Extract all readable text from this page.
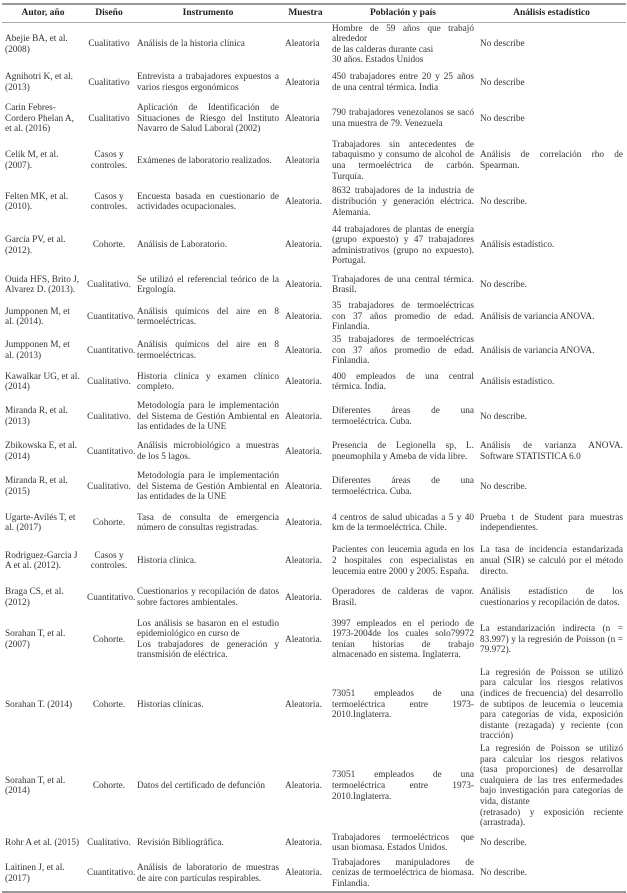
Autor, año	Diseño	Instrumento	Muestra	Población y país	Análisis estadístico
Abejie BA, et al. (2008)	Cualitativo	Análisis de la historia clínica	Aleatoria	Hombre de 59 años que trabajó alrededor
de las calderas durante casi
30 años. Estados Unidos	No describe
Agnihotri K, et al. (2013)	Cualitativo	Entrevista a trabajadores expuestos a varios riesgos ergonómicos	Aleatoria	450 trabajadores entre 20 y 25 años de una central térmica. India	No describe
Carin Febres-Cordero Phelan A, et al. (2016)	Cualitativo	Aplicación de Identificación de Situaciones de Riesgo del Instituto Navarro de Salud Laboral (2002)	Aleatoria	790 trabajadores venezolanos se sacó una muestra de 79. Venezuela	No describe
Celik M, et al. (2007).	Casos y controles.	Exámenes de laboratorio realizados.	Aleatoria	Trabajadores sin antecedentes de tabaquismo y consumo de alcohol de una termoeléctrica de carbón. Turquía.	Análisis de correlación rho de Spearman.
Felten MK, et al. (2010).	Casos y controles.	Encuesta basada en cuestionario de actividades ocupacionales.	Aleatoria.	8632 trabajadores de la industria de distribución y generación eléctrica. Alemania.	No describe.
García PV, et al. (2012).	Cohorte.	Análisis de Laboratorio.	Aleatoria.	44 trabajadores de plantas de energía (grupo expuesto) y 47 trabajadores administrativos (grupo no expuesto). Portugal.	Análisis estadístico.
Ouida HFS, Brito J, Alvarez D. (2013).	Cualitativo.	Se utilizó el referencial teórico de la Ergología.	Aleatoria.	Trabajadores de una central térmica. Brasil.	No describe.
Jumpponen M, et al. (2014).	Cuantitativo.	Análisis químicos del aire en 8 termoeléctricas.	Aleatoria.	35 trabajadores de termoeléctricas con 37 años promedio de edad. Finlandia.	Análisis de variancia ANOVA.
Jumpponen M, et al. (2013)	Cuantitativo.	Análisis químicos del aire en 8 termoeléctricas.	Aleatoria.	35 trabajadores de termoeléctricas con 37 años promedio de edad. Finlandia.	Análisis de variancia ANOVA.
Kawalkar UG, et al. (2014)	Cualitativo.	Historia clínica y examen clínico completo.	Aleatoria.	400 empleados de una central térmica. India.	Análisis estadístico.
Miranda R, et al. (2013)	Cualitativo.	Metodología para le implementación del Sistema de Gestión Ambiental en las entidades de la UNE	Aleatoria.	Diferentes áreas de una termoeléctrica. Cuba.	No describe.
Zbikowska E, et al. (2014)	Cuantitativo.	Análisis microbiológico a muestras de los 5 lagos.	Aleatoria.	Presencia de Legionella sp, L. pneumophila y Ameba de vida libre.	Análisis de varianza ANOVA. Software STATISTICA 6.0
Miranda R, et al. (2015)	Cualitativo.	Metodología para le implementación del Sistema de Gestión Ambiental en las entidades de la UNE	Aleatoria.	Diferentes áreas de una termoeléctrica. Cuba.	No describe.
Ugarte-Avilés T, et al. (2017)	Cohorte.	Tasa de consulta de emergencia número de consultas registradas.	Aleatoria.	4 centros de salud ubicadas a 5 y 40 km de la termoeléctrica. Chile.	Prueba t de Student para muestras independientes.
Rodriguez-Garcia J A et al. (2012).	Casos y controles.	Historia clínica.	Aleatoria.	Pacientes con leucemia aguda en los 2 hospitales con especialistas en leucemia entre 2000 y 2005. España.	La tasa de incidencia estandarizada anual (SIR) se calculó por el método directo.
Braga CS, et al. (2012)	Cuantitativo.	Cuestionarios y recopilación de datos sobre factores ambientales.	Aleatoria.	Operadores de calderas de vapor. Brasil.	Análisis estadístico de los cuestionarios y recopilación de datos.
Sorahan T, et al. (2007)	Cohorte.	Los análisis se basaron en el estudio epidemiológico en curso de
Los trabajadores de generación y transmisión de eléctrica.	Aleatoria.	3997 empleados en el periodo de 1973-2004de los cuales solo79972 tenían historias de trabajo almacenado en sistema. Inglaterra.	La estandarización indirecta (n = 83.997) y la regresión de Poisson (n = 79.972).
Sorahan T. (2014)	Cohorte.	Historias clínicas.	Aleatoria.	73051 empleados de una termoeléctrica entre 1973-2010.Inglaterra.	La regresión de Poisson se utilizó para calcular los riesgos relativos (índices de frecuencia) del desarrollo de subtipos de leucemia o leucemia para categorías de vida, exposición distante (rezagada) y reciente (con tracción)
Sorahan T, et al. (2014)	Cohorte.	Datos del certificado de defunción	Aleatoria.	73051 empleados de una termoeléctrica entre 1973-2010.Inglaterra.	La regresión de Poisson se utilizó para calcular los riesgos relativos (tasa proporciones) de desarrollar cualquiera de las tres enfermedades bajo investigación para categorías de vida, distante
(retrasado) y exposición reciente (arrastrada).
Rohr A et al. (2015)	Cualitativo.	Revisión Bibliográfica.	Aleatoria.	Trabajadores termoeléctricos que usan biomasa. Estados Unidos.	No describe.
Laitinen J, et al. (2017)	Cuantitativo.	Análisis de laboratorio de muestras de aire con partículas respirables.	Aleatoria.	Trabajadores manipuladores de cenizas de termoeléctrica de biomasa. Finlandia.	No describe.
